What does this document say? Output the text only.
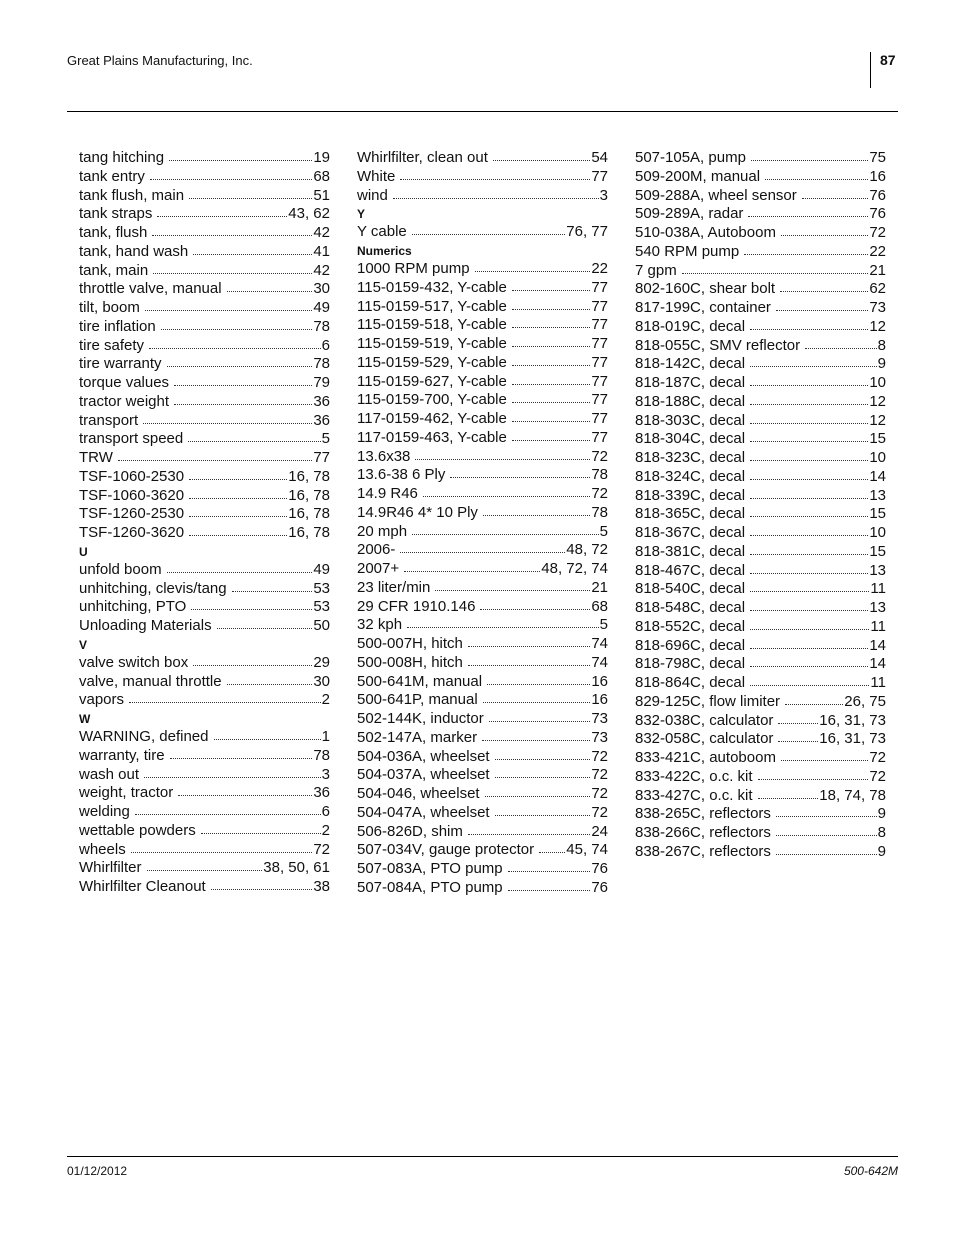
Great Plains Manufacturing, Inc.	87
tang hitching	19
tank entry	68
tank flush, main	51
tank straps	43, 62
tank, flush	42
tank, hand wash	41
tank, main	42
throttle valve, manual	30
tilt, boom	49
tire inflation	78
tire safety	6
tire warranty	78
torque values	79
tractor weight	36
transport	36
transport speed	5
TRW	77
TSF-1060-2530	16, 78
TSF-1060-3620	16, 78
TSF-1260-2530	16, 78
TSF-1260-3620	16, 78
U
unfold boom	49
unhitching, clevis/tang	53
unhitching, PTO	53
Unloading Materials	50
V
valve switch box	29
valve, manual throttle	30
vapors	2
W
WARNING, defined	1
warranty, tire	78
wash out	3
weight, tractor	36
welding	6
wettable powders	2
wheels	72
Whirlfilter	38, 50, 61
Whirlfilter Cleanout	38
Whirlfilter, clean out	54
White	77
wind	3
Y
Y cable	76, 77
Numerics
1000 RPM pump	22
115-0159-432, Y-cable	77
115-0159-517, Y-cable	77
115-0159-518, Y-cable	77
115-0159-519, Y-cable	77
115-0159-529, Y-cable	77
115-0159-627, Y-cable	77
115-0159-700, Y-cable	77
117-0159-462, Y-cable	77
117-0159-463, Y-cable	77
13.6x38	72
13.6-38 6 Ply	78
14.9 R46	72
14.9R46 4* 10 Ply	78
20 mph	5
2006-	48, 72
2007+	48, 72, 74
23 liter/min	21
29 CFR 1910.146	68
32 kph	5
500-007H, hitch	74
500-008H, hitch	74
500-641M, manual	16
500-641P, manual	16
502-144K, inductor	73
502-147A, marker	73
504-036A, wheelset	72
504-037A, wheelset	72
504-046, wheelset	72
504-047A, wheelset	72
506-826D, shim	24
507-034V, gauge protector 45, 74
507-083A, PTO pump	76
507-084A, PTO pump	76
507-105A, pump	75
509-200M, manual	16
509-288A, wheel sensor	76
509-289A, radar	76
510-038A, Autoboom	72
540 RPM pump	22
7 gpm	21
802-160C, shear bolt	62
817-199C, container	73
818-019C, decal	12
818-055C, SMV reflector	8
818-142C, decal	9
818-187C, decal	10
818-188C, decal	12
818-303C, decal	12
818-304C, decal	15
818-323C, decal	10
818-324C, decal	14
818-339C, decal	13
818-365C, decal	15
818-367C, decal	10
818-381C, decal	15
818-467C, decal	13
818-540C, decal	11
818-548C, decal	13
818-552C, decal	11
818-696C, decal	14
818-798C, decal	14
818-864C, decal	11
829-125C, flow limiter	26, 75
832-038C, calculator	16, 31, 73
832-058C, calculator	16, 31, 73
833-421C, autoboom	72
833-422C, o.c. kit	72
833-427C, o.c. kit	18, 74, 78
838-265C, reflectors	9
838-266C, reflectors	8
838-267C, reflectors	9
01/12/2012	500-642M
